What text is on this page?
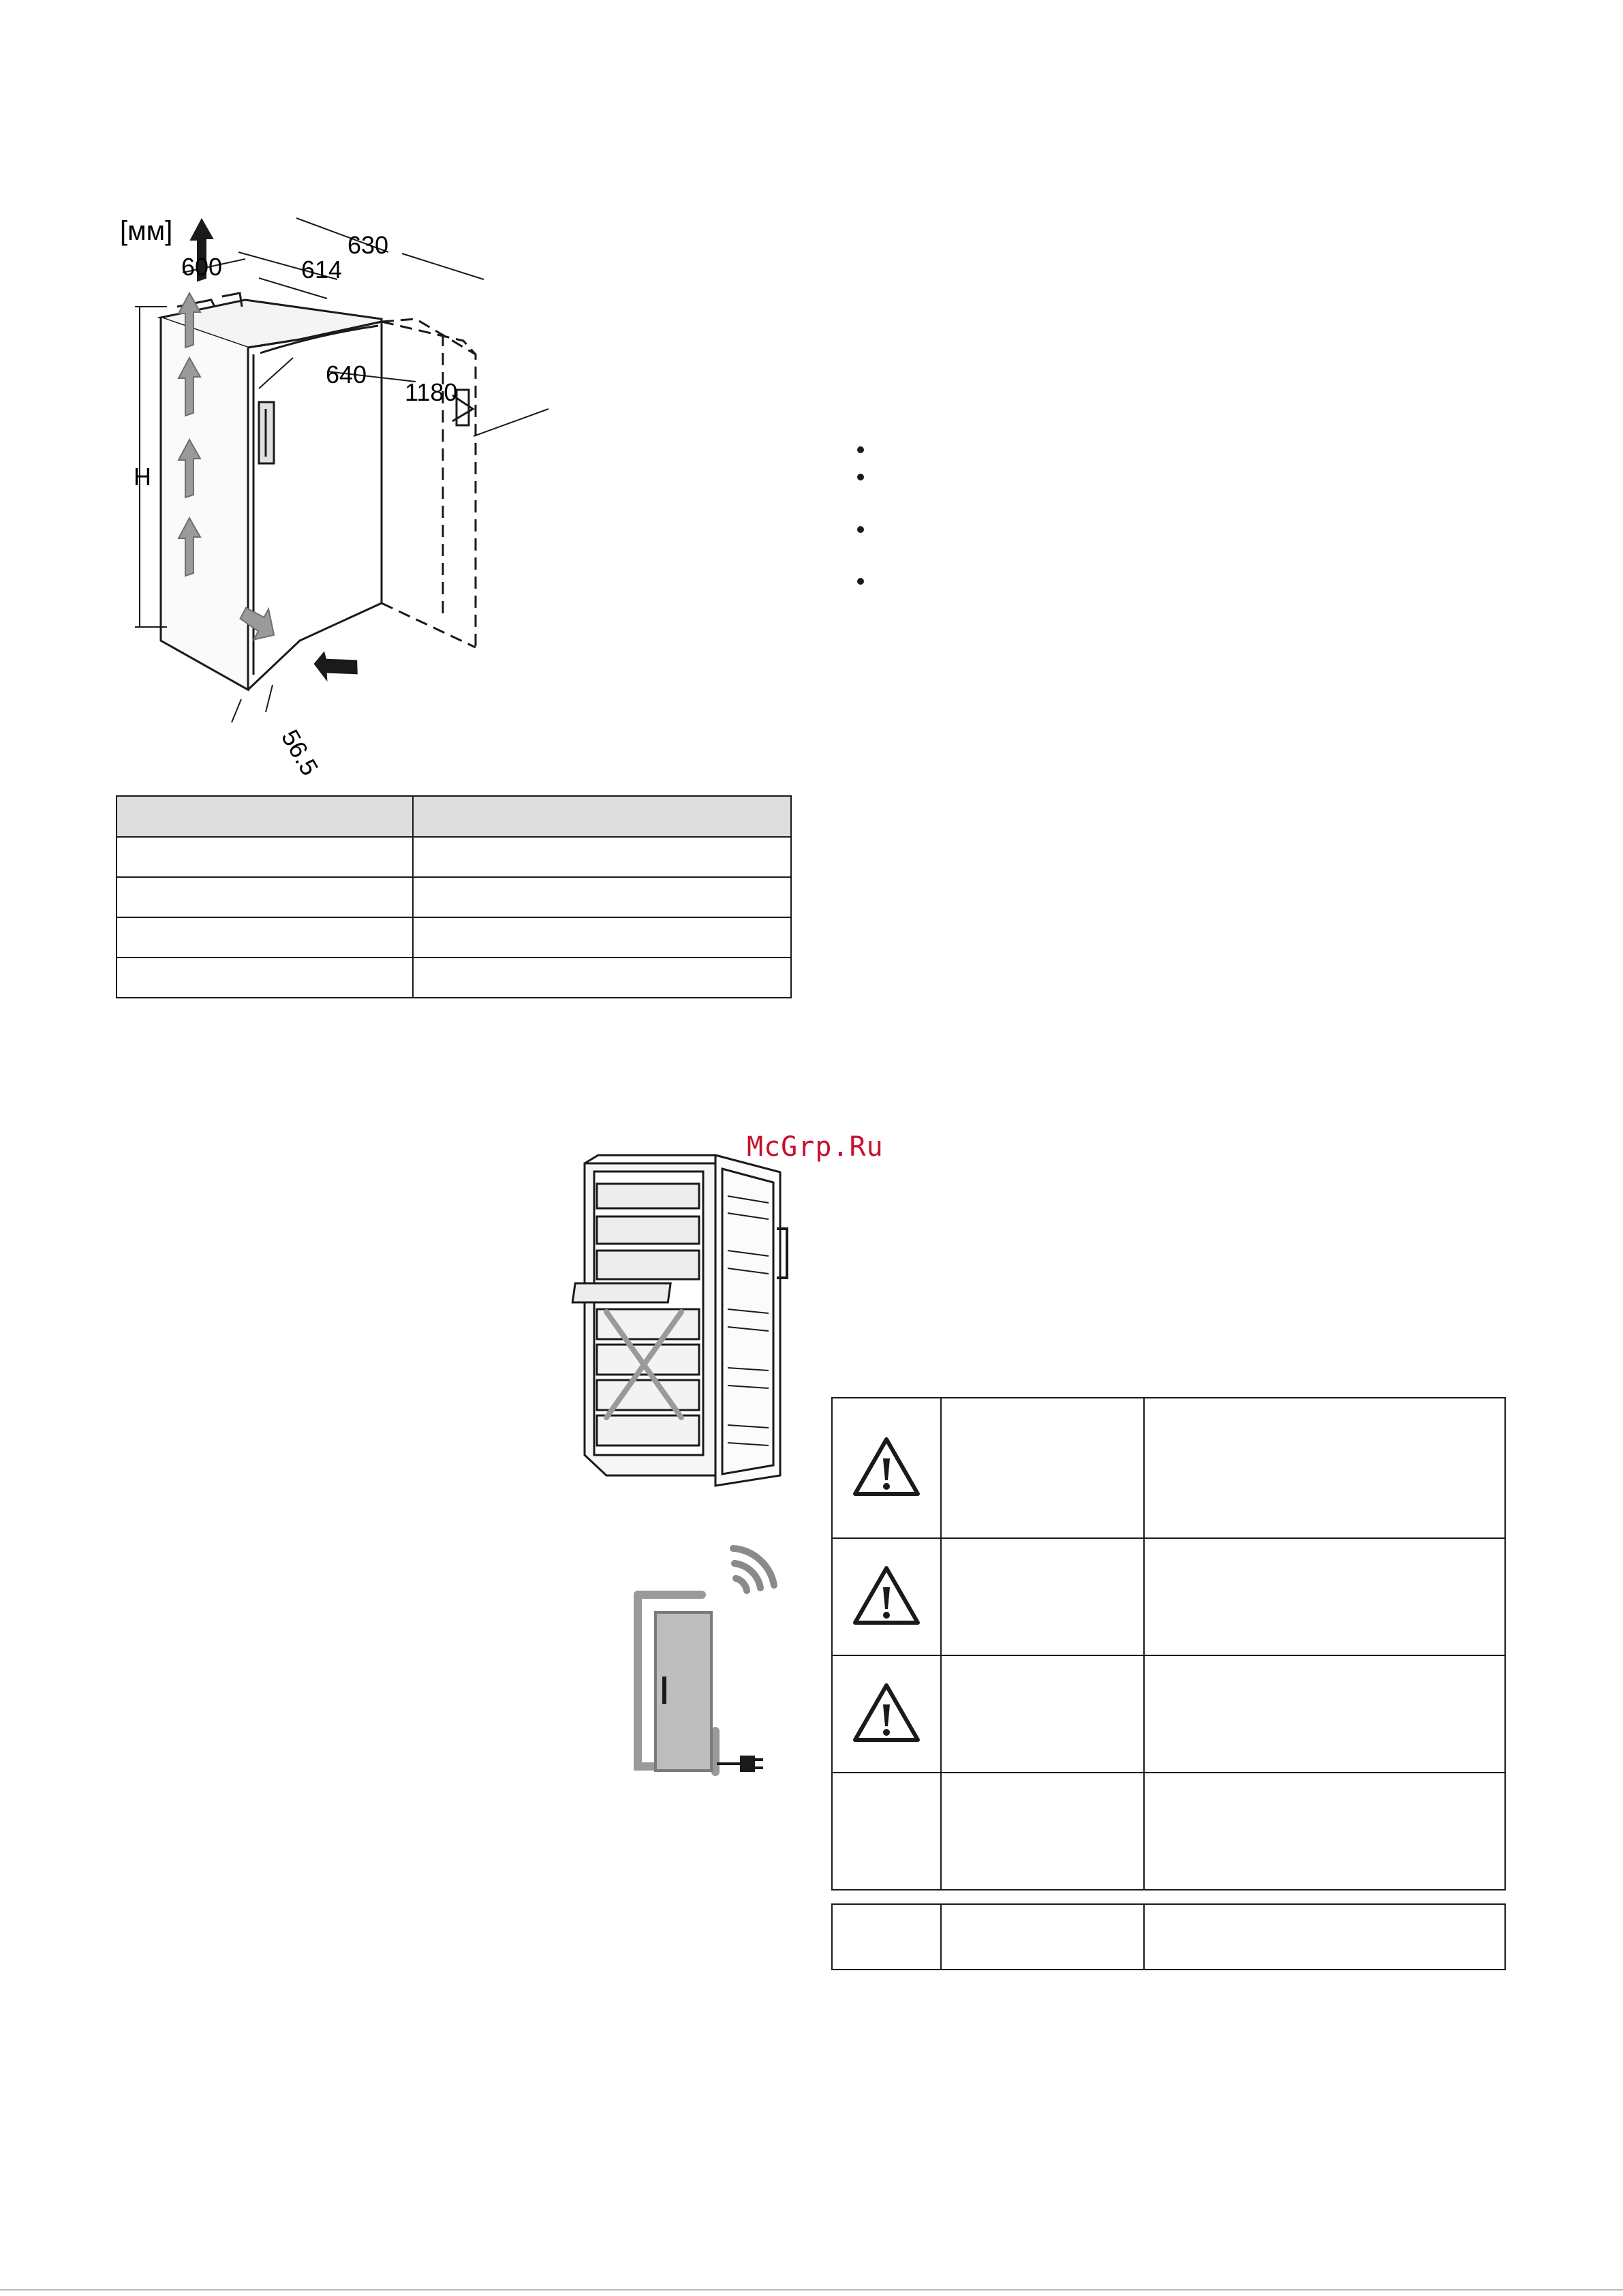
[мм]
600
630
614
640
1180
H
56.5

McGrp.Ru
